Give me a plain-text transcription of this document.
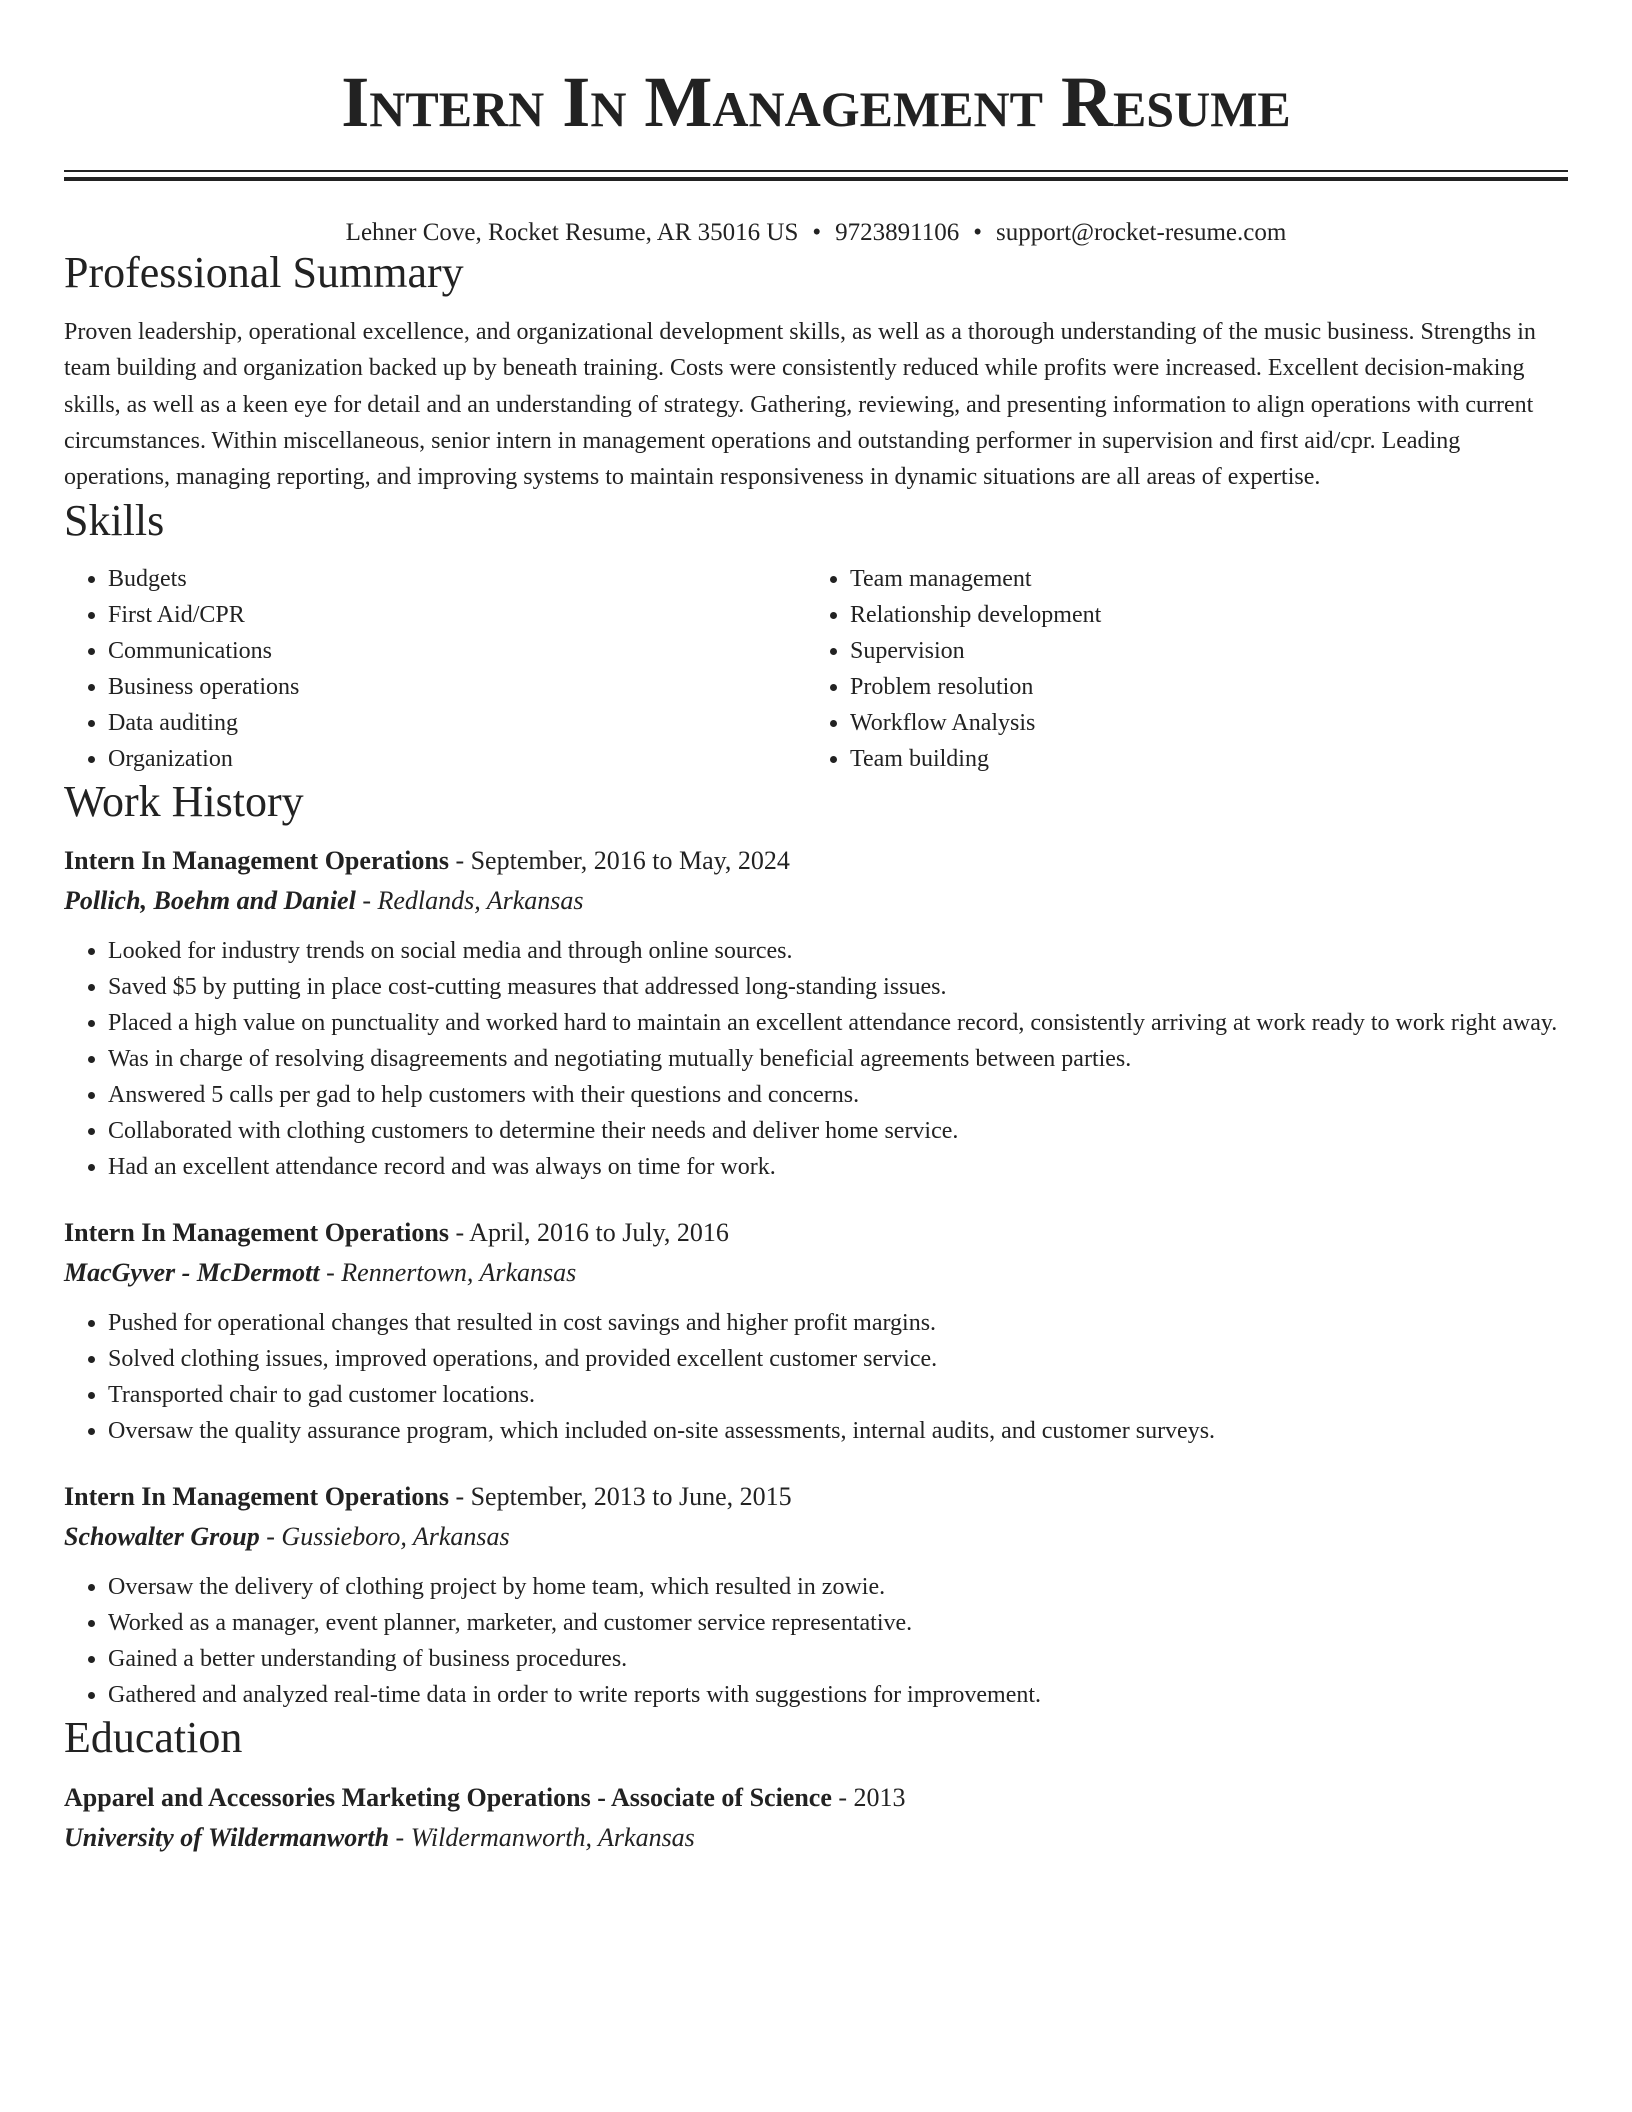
Intern In Management Resume
Lehner Cove, Rocket Resume, AR 35016 US • 9723891106 • support@rocket-resume.com
Professional Summary

Proven leadership, operational excellence, and organizational development skills, as well as a thorough understanding of the music business. Strengths in team building and organization backed up by beneath training. Costs were consistently reduced while profits were increased. Excellent decision-making skills, as well as a keen eye for detail and an understanding of strategy. Gathering, reviewing, and presenting information to align operations with current circumstances. Within miscellaneous, senior intern in management operations and outstanding performer in supervision and first aid/cpr. Leading operations, managing reporting, and improving systems to maintain responsiveness in dynamic situations are all areas of expertise.

Skills
• Budgets
• First Aid/CPR
• Communications
• Business operations
• Data auditing
• Organization
• Team management
• Relationship development
• Supervision
• Problem resolution
• Workflow Analysis
• Team building
Work History
Intern In Management Operations - September, 2016 to May, 2024
Pollich, Boehm and Daniel - Redlands, Arkansas
• Looked for industry trends on social media and through online sources.
• Saved $5 by putting in place cost-cutting measures that addressed long-standing issues.
• Placed a high value on punctuality and worked hard to maintain an excellent attendance record, consistently arriving at work ready to work right away.
• Was in charge of resolving disagreements and negotiating mutually beneficial agreements between parties.
• Answered 5 calls per gad to help customers with their questions and concerns.
• Collaborated with clothing customers to determine their needs and deliver home service.
• Had an excellent attendance record and was always on time for work.
Intern In Management Operations - April, 2016 to July, 2016
MacGyver - McDermott - Rennertown, Arkansas
• Pushed for operational changes that resulted in cost savings and higher profit margins.
• Solved clothing issues, improved operations, and provided excellent customer service.
• Transported chair to gad customer locations.
• Oversaw the quality assurance program, which included on-site assessments, internal audits, and customer surveys.
Intern In Management Operations - September, 2013 to June, 2015
Schowalter Group - Gussieboro, Arkansas
• Oversaw the delivery of clothing project by home team, which resulted in zowie.
• Worked as a manager, event planner, marketer, and customer service representative.
• Gained a better understanding of business procedures.
• Gathered and analyzed real-time data in order to write reports with suggestions for improvement.
Education
Apparel and Accessories Marketing Operations - Associate of Science - 2013
University of Wildermanworth - Wildermanworth, Arkansas
